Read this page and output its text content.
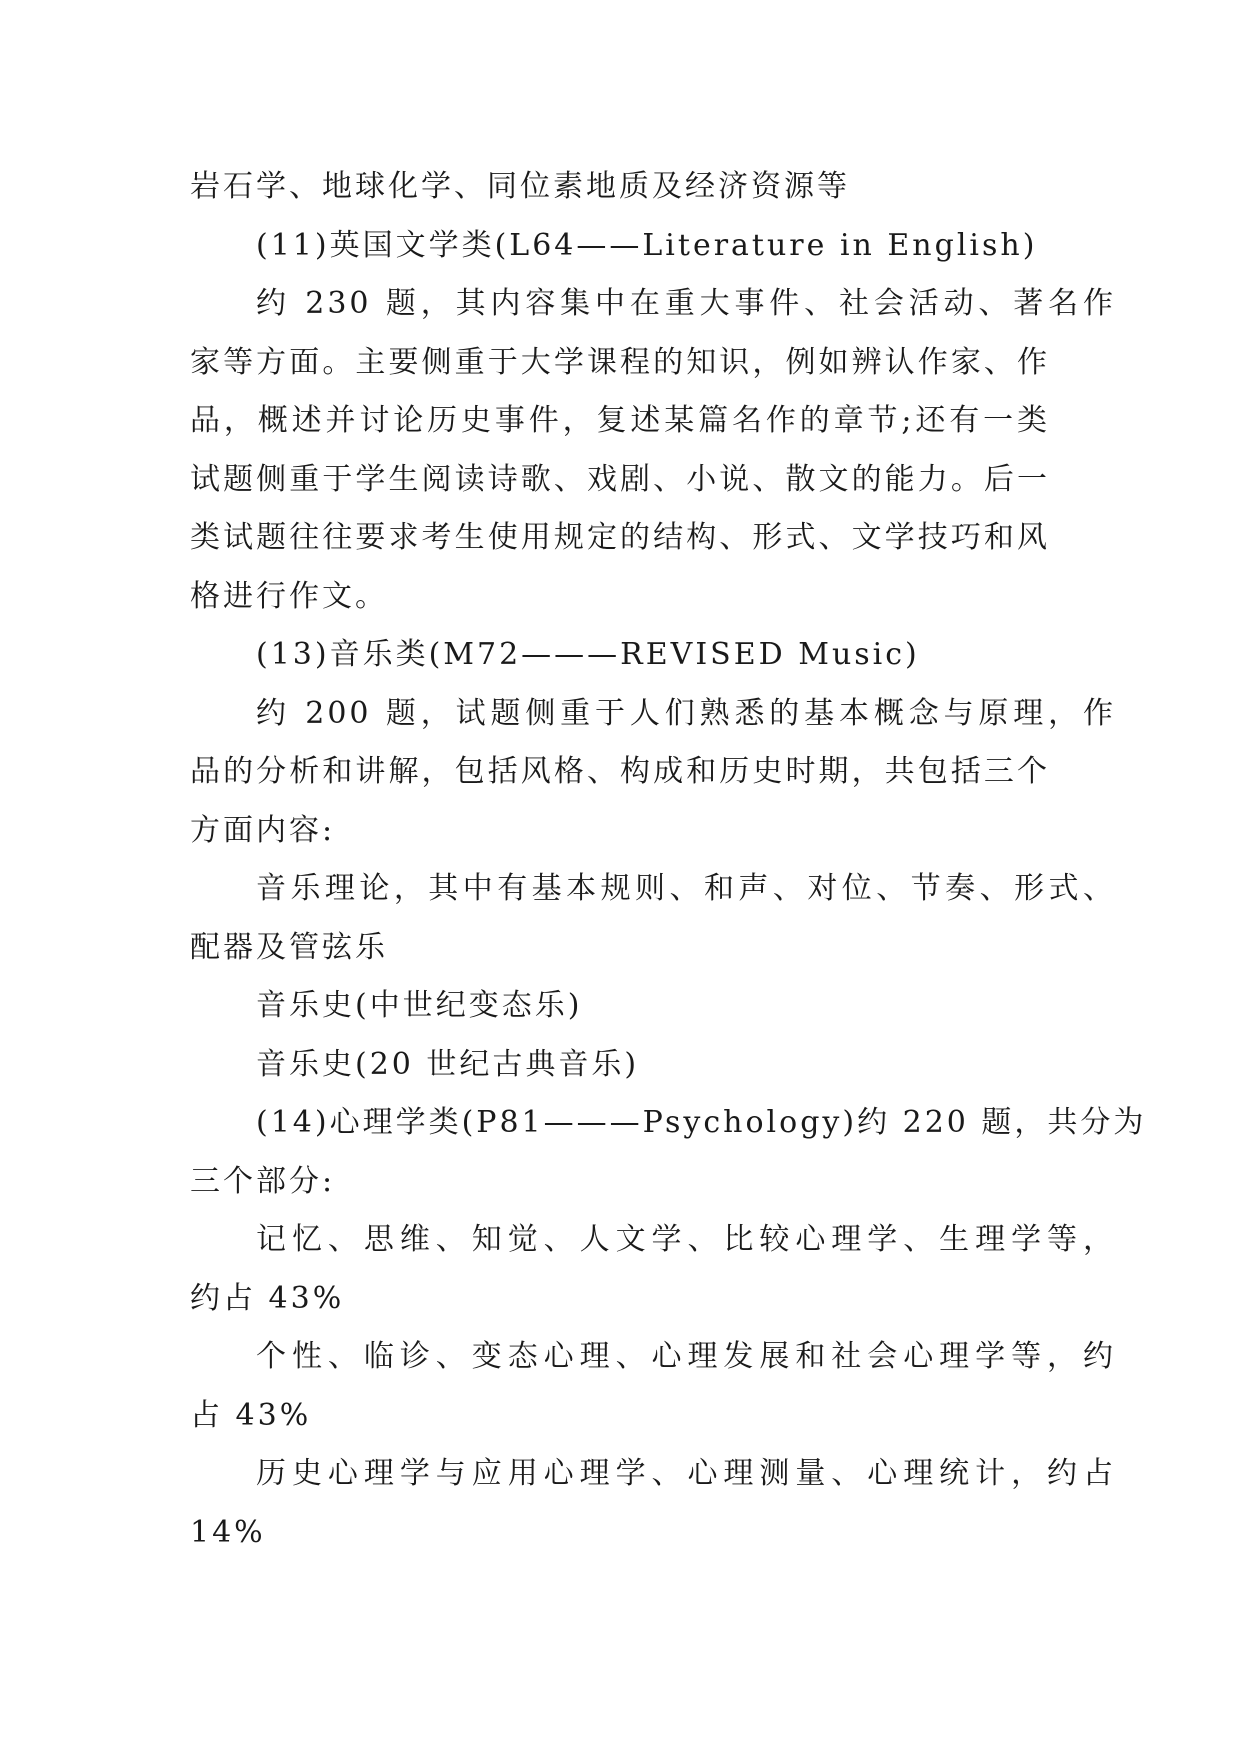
岩石学、地球化学、同位素地质及经济资源等
(11)英国文学类(L64——Literature in English)
约 230 题，其内容集中在重大事件、社会活动、著名作
家等方面。主要侧重于大学课程的知识，例如辨认作家、作
品，概述并讨论历史事件，复述某篇名作的章节;还有一类
试题侧重于学生阅读诗歌、戏剧、小说、散文的能力。后一
类试题往往要求考生使用规定的结构、形式、文学技巧和风
格进行作文。
(13)音乐类(M72———REVISED Music)
约 200 题，试题侧重于人们熟悉的基本概念与原理，作
品的分析和讲解，包括风格、构成和历史时期，共包括三个
方面内容:
音乐理论，其中有基本规则、和声、对位、节奏、形式、
配器及管弦乐
音乐史(中世纪变态乐)
音乐史(20 世纪古典音乐)
(14)心理学类(P81———Psychology)约 220 题，共分为
三个部分:
记忆、思维、知觉、人文学、比较心理学、生理学等，
约占 43%
个性、临诊、变态心理、心理发展和社会心理学等，约
占 43%
历史心理学与应用心理学、心理测量、心理统计，约占
14%
